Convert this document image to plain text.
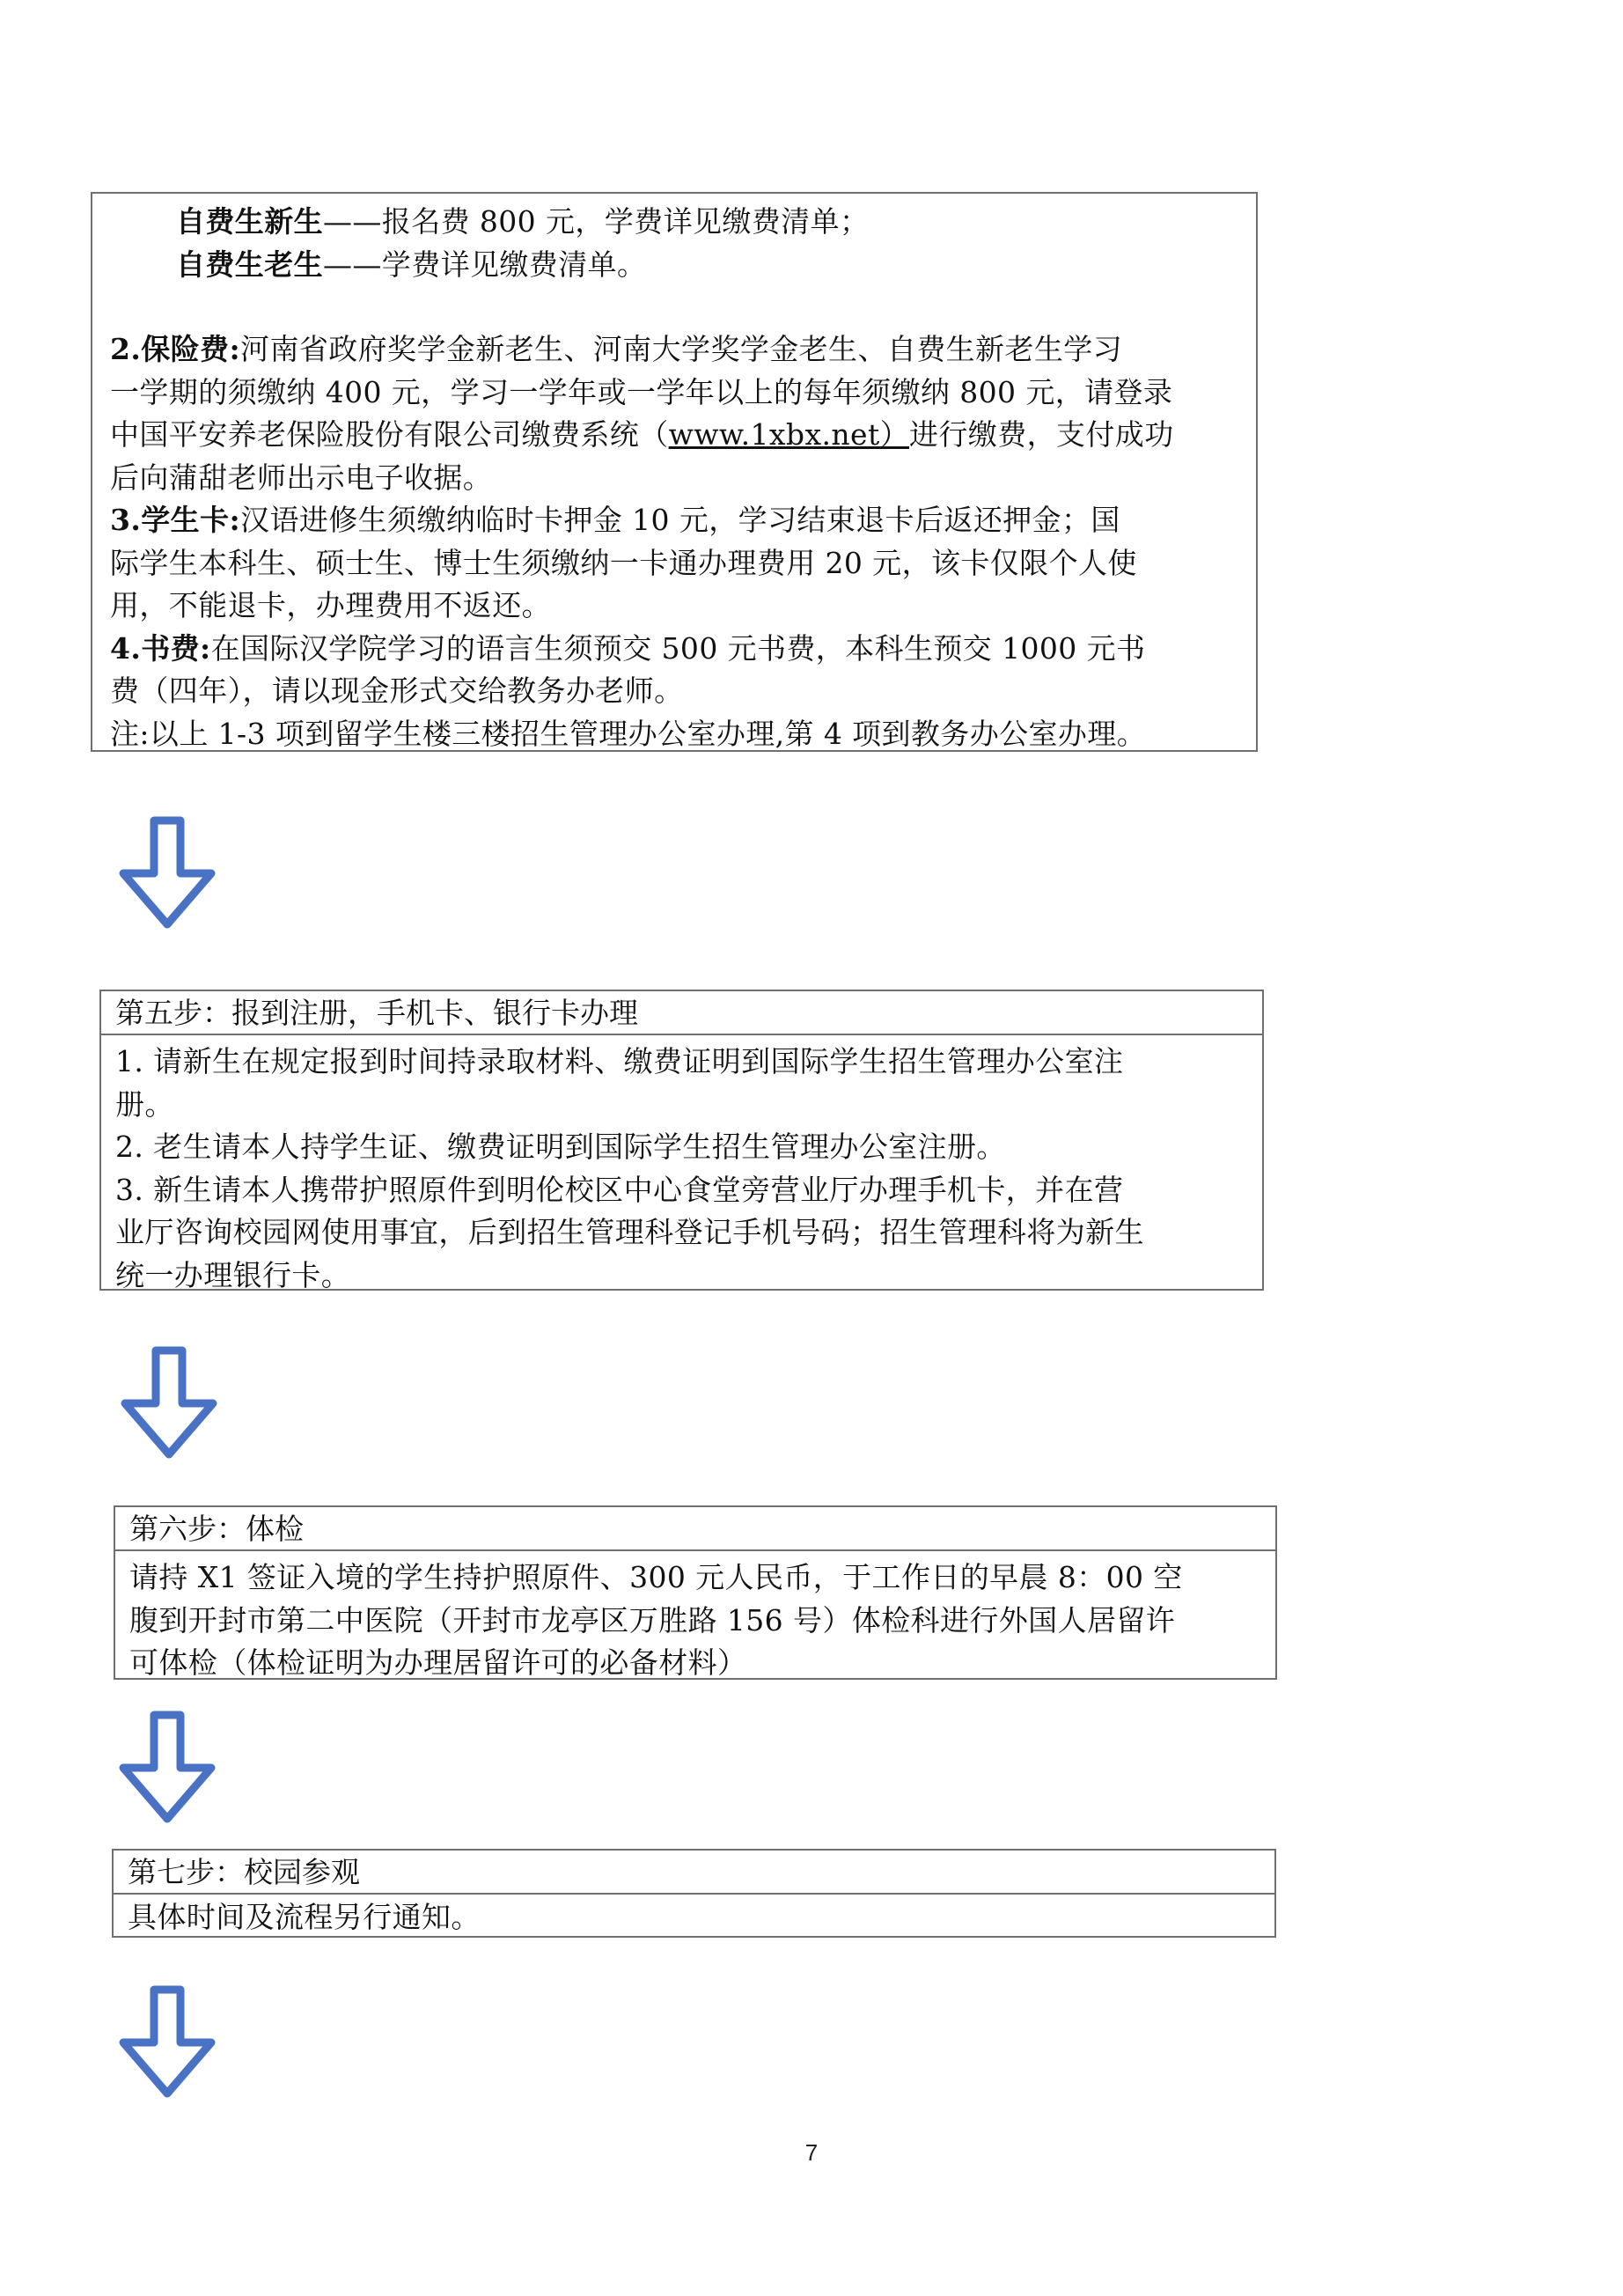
自费生新生——报名费 800 元，学费详见缴费清单；
自费生老生——学费详见缴费清单。
2.保险费:河南省政府奖学金新老生、河南大学奖学金老生、自费生新老生学习
一学期的须缴纳 400 元，学习一学年或一学年以上的每年须缴纳 800 元，请登录
中国平安养老保险股份有限公司缴费系统（www.1xbx.net）进行缴费，支付成功
后向蒲甜老师出示电子收据。
3.学生卡:汉语进修生须缴纳临时卡押金 10 元，学习结束退卡后返还押金；国
际学生本科生、硕士生、博士生须缴纳一卡通办理费用 20 元，该卡仅限个人使
用，不能退卡，办理费用不返还。
4.书费:在国际汉学院学习的语言生须预交 500 元书费，本科生预交 1000 元书
费（四年），请以现金形式交给教务办老师。
注:以上 1-3 项到留学生楼三楼招生管理办公室办理,第 4 项到教务办公室办理。
第五步：报到注册，手机卡、银行卡办理
1. 请新生在规定报到时间持录取材料、缴费证明到国际学生招生管理办公室注
册。
2. 老生请本人持学生证、缴费证明到国际学生招生管理办公室注册。
3. 新生请本人携带护照原件到明伦校区中心食堂旁营业厅办理手机卡，并在营
业厅咨询校园网使用事宜，后到招生管理科登记手机号码；招生管理科将为新生
统一办理银行卡。
第六步：体检
请持 X1 签证入境的学生持护照原件、300 元人民币，于工作日的早晨 8：00 空
腹到开封市第二中医院（开封市龙亭区万胜路 156 号）体检科进行外国人居留许
可体检（体检证明为办理居留许可的必备材料）
第七步：校园参观
具体时间及流程另行通知。
7
